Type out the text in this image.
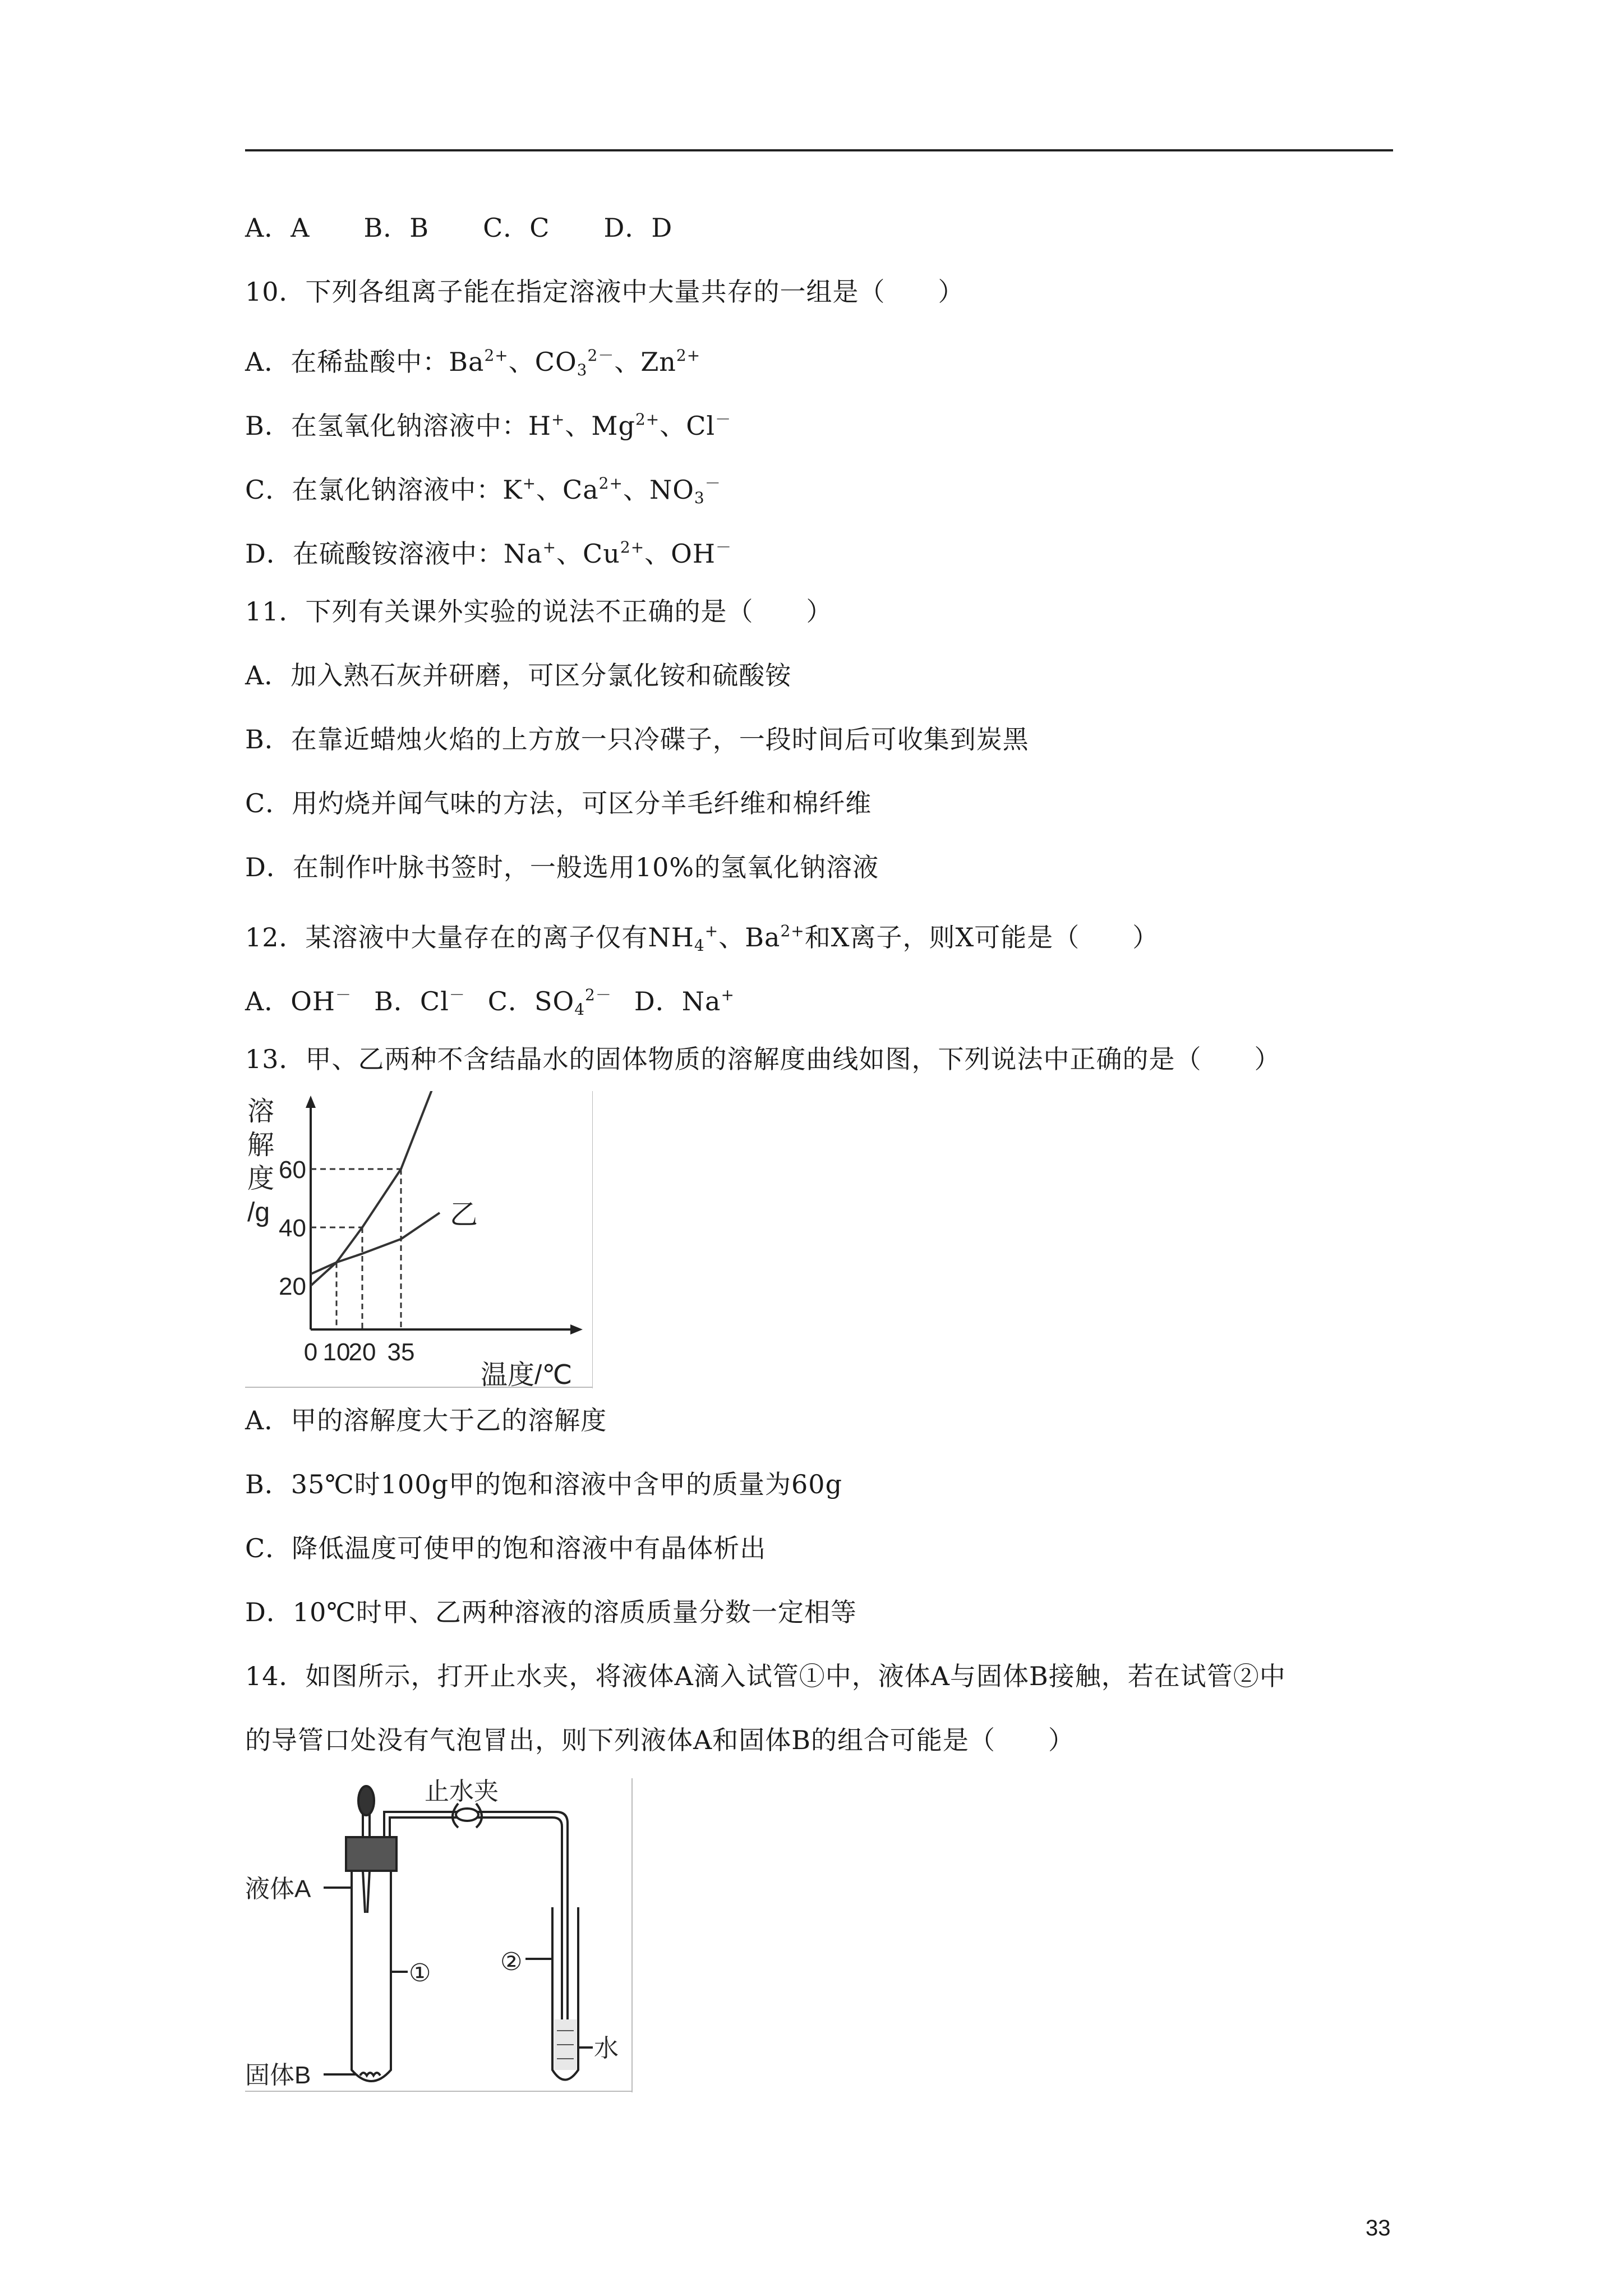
A．A B．B C．C D．D
10．下列各组离子能在指定溶液中大量共存的一组是（　　）
A．在稀盐酸中：$Ba^{2+}$、$CO_3^{2-}$、$Zn^{2+}$
B．在氢氧化钠溶液中：H+、$Mg^{2+}$、Cl－
C．在氯化钠溶液中：K+、$Ca^{2+}$、$NO_3^-$
D．在硫酸铵溶液中：Na+、$Cu^{2+}$、OH－
11．下列有关课外实验的说法不正确的是（　　）
A．加入熟石灰并研磨，可区分氯化铵和硫酸铵
B．在靠近蜡烛火焰的上方放一只冷碟子，一段时间后可收集到炭黑
C．用灼烧并闻气味的方法，可区分羊毛纤维和棉纤维
D．在制作叶脉书签时，一般选用10%的氢氧化钠溶液
12．某溶液中大量存在的离子仅有$NH_4^+$、$Ba^{2+}$和X离子，则X可能是（　　）
A．OH－ B．Cl－ C．$SO_4^{2-}$ D．Na+
13．甲、乙两种不含结晶水的固体物质的溶解度曲线如图，下列说法中正确的是（　　）
溶
解
度
/g	乙
20
40
60
0 10
20 35
温度/℃
A．甲的溶解度大于乙的溶解度
B．35℃时100g甲的饱和溶液中含甲的质量为60g
C．降低温度可使甲的饱和溶液中有晶体析出
D．10℃时甲、乙两种溶液的溶质质量分数一定相等
14．如图所示，打开止水夹，将液体A滴入试管①中，液体A与固体B接触，若在试管②中
的导管口处没有气泡冒出，则下列液体A和固体B的组合可能是（　　）
止水夹
液体A
①	②
水
固体B
33
